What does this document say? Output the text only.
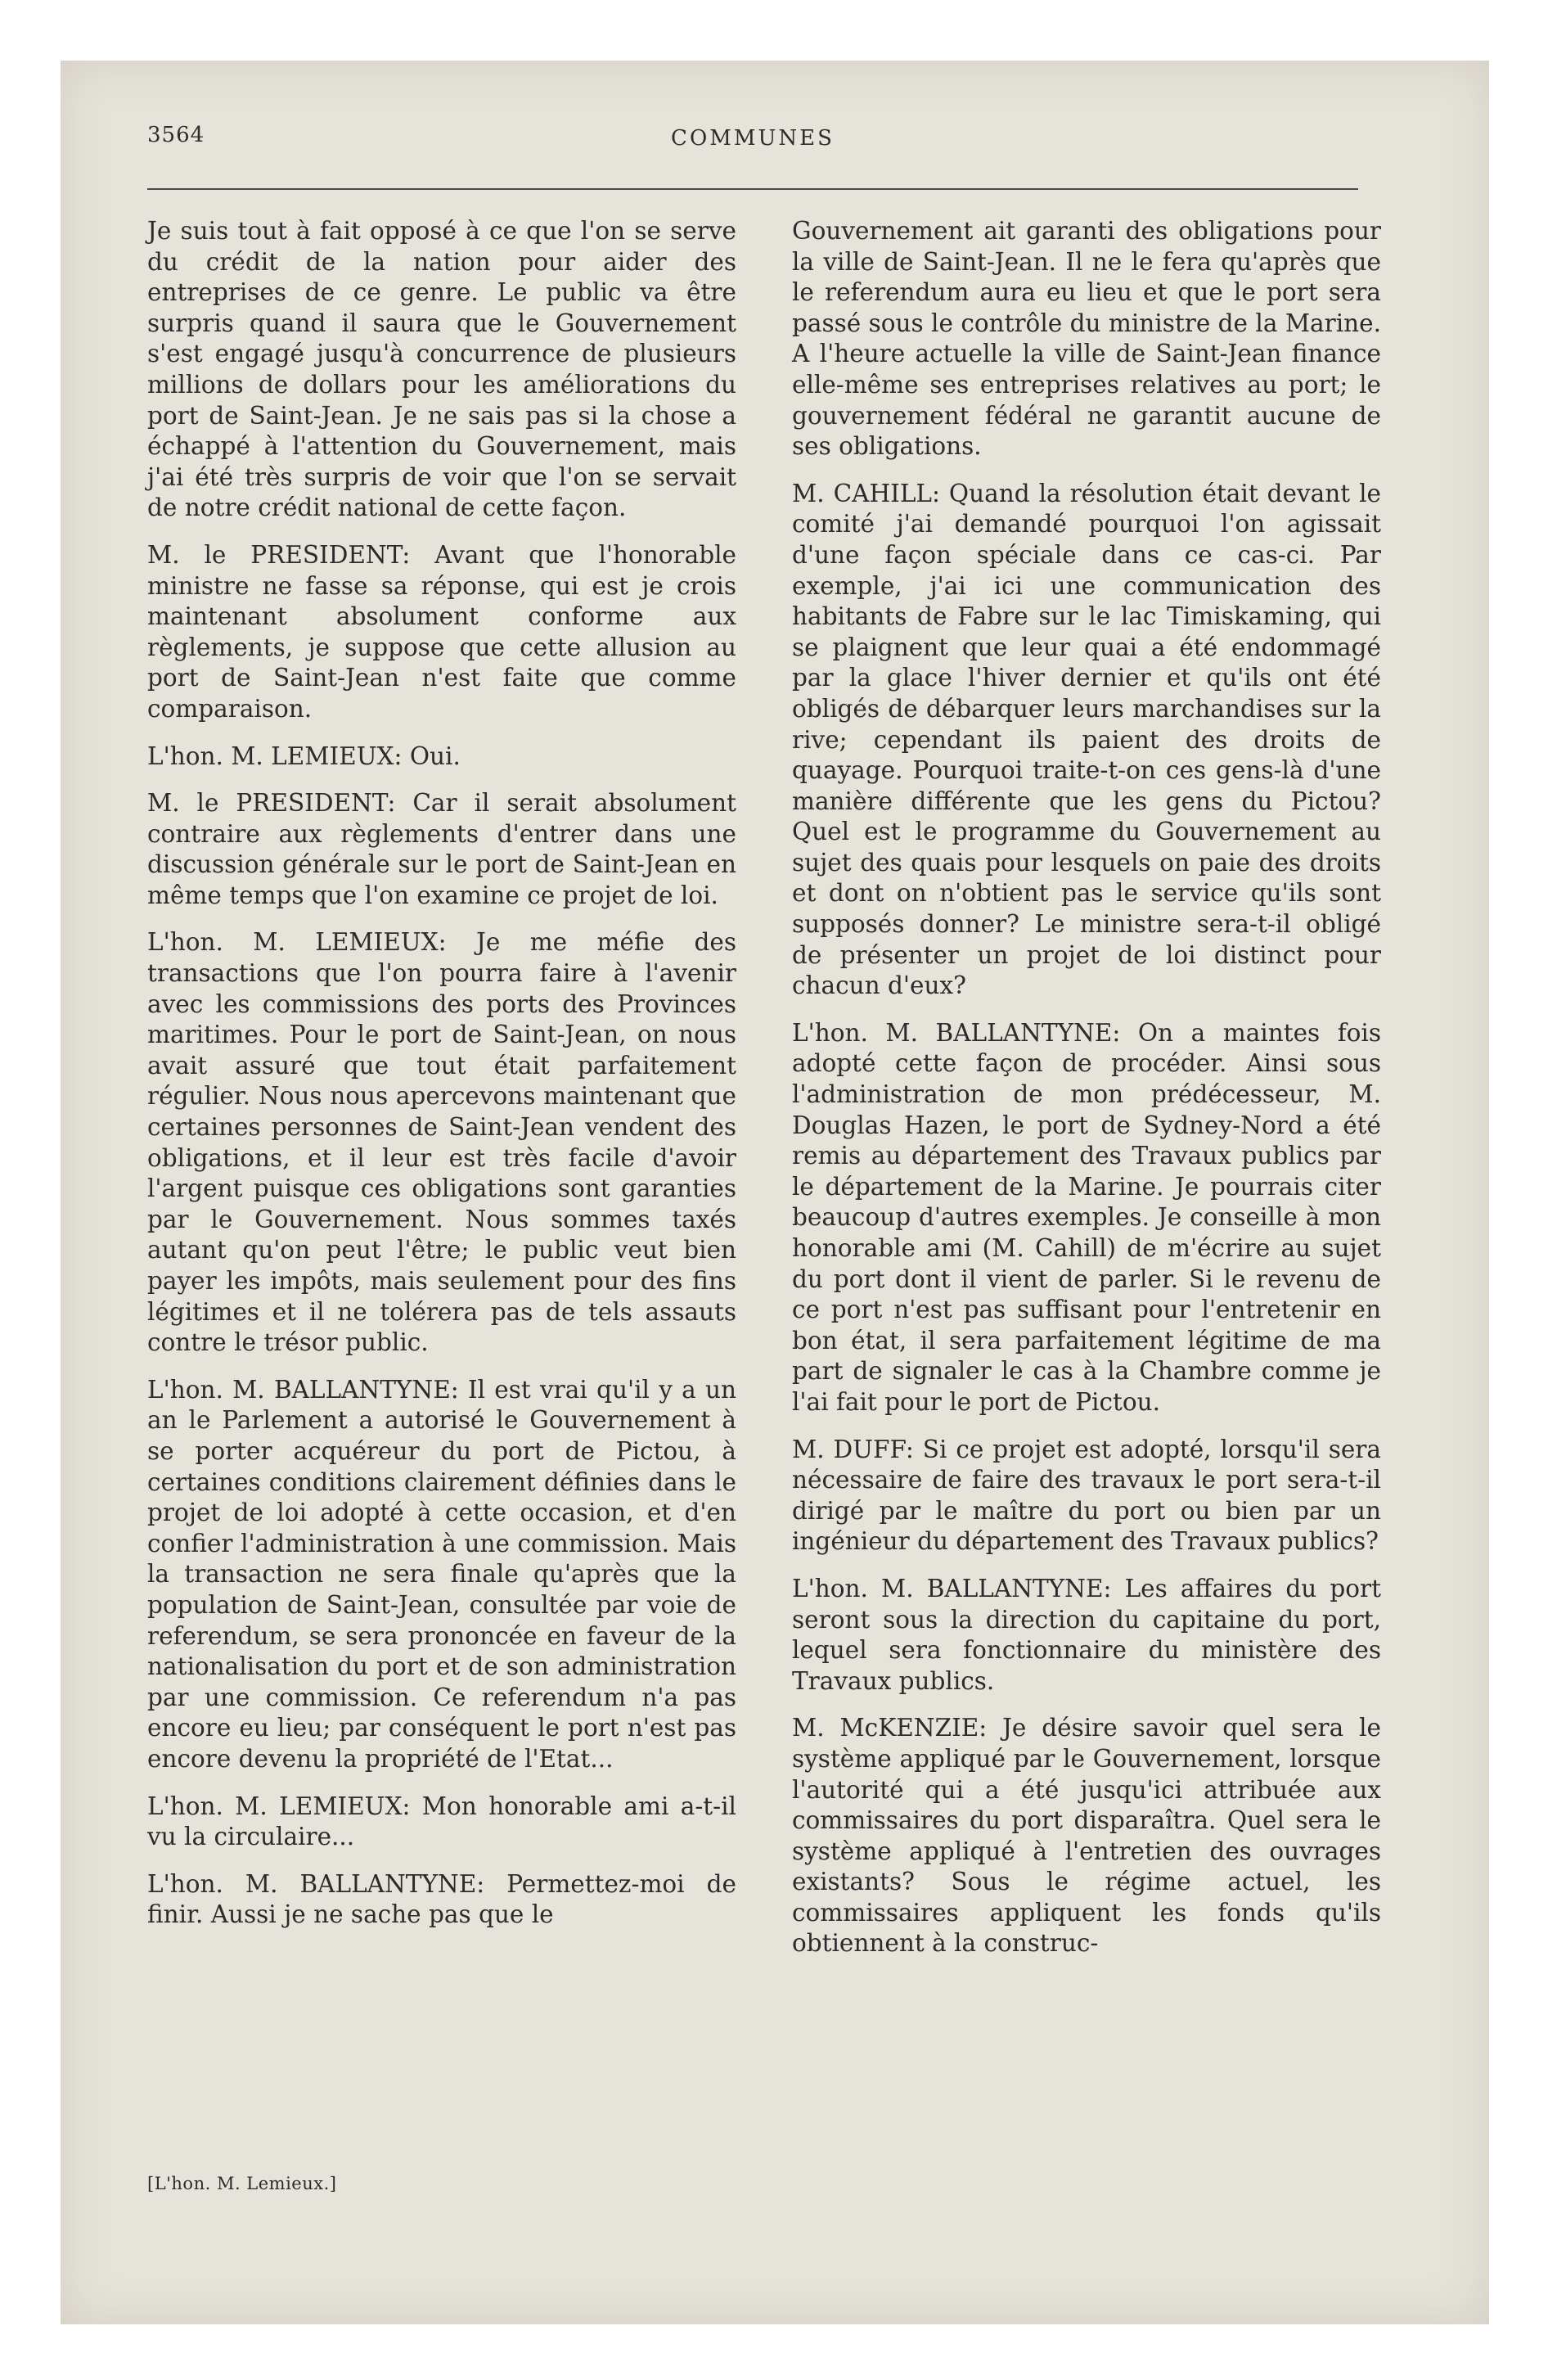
3564	COMMUNES

Je suis tout à fait opposé à ce que l'on se serve du crédit de la nation pour aider des entreprises de ce genre. Le public va être surpris quand il saura que le Gouvernement s'est engagé jusqu'à concurrence de plusieurs millions de dollars pour les améliorations du port de Saint-Jean. Je ne sais pas si la chose a échappé à l'attention du Gouvernement, mais j'ai été très surpris de voir que l'on se servait de notre crédit national de cette façon.

M. le PRESIDENT: Avant que l'honorable ministre ne fasse sa réponse, qui est je crois maintenant absolument conforme aux règlements, je suppose que cette allusion au port de Saint-Jean n'est faite que comme comparaison.

L'hon. M. LEMIEUX: Oui.

M. le PRESIDENT: Car il serait absolument contraire aux règlements d'entrer dans une discussion générale sur le port de Saint-Jean en même temps que l'on examine ce projet de loi.

L'hon. M. LEMIEUX: Je me méfie des transactions que l'on pourra faire à l'avenir avec les commissions des ports des Provinces maritimes. Pour le port de Saint-Jean, on nous avait assuré que tout était parfaitement régulier. Nous nous apercevons maintenant que certaines personnes de Saint-Jean vendent des obligations, et il leur est très facile d'avoir l'argent puisque ces obligations sont garanties par le Gouvernement. Nous sommes taxés autant qu'on peut l'être; le public veut bien payer les impôts, mais seulement pour des fins légitimes et il ne tolérera pas de tels assauts contre le trésor public.

L'hon. M. BALLANTYNE: Il est vrai qu'il y a un an le Parlement a autorisé le Gouvernement à se porter acquéreur du port de Pictou, à certaines conditions clairement définies dans le projet de loi adopté à cette occasion, et d'en confier l'administration à une commission. Mais la transaction ne sera finale qu'après que la population de Saint-Jean, consultée par voie de referendum, se sera prononcée en faveur de la nationalisation du port et de son administration par une commission. Ce referendum n'a pas encore eu lieu; par conséquent le port n'est pas encore devenu la propriété de l'Etat...

L'hon. M. LEMIEUX: Mon honorable ami a-t-il vu la circulaire...

L'hon. M. BALLANTYNE: Permettez-moi de finir. Aussi je ne sache pas que le

[L'hon. M. Lemieux.]

Gouvernement ait garanti des obligations pour la ville de Saint-Jean. Il ne le fera qu'après que le referendum aura eu lieu et que le port sera passé sous le contrôle du ministre de la Marine. A l'heure actuelle la ville de Saint-Jean finance elle-même ses entreprises relatives au port; le gouvernement fédéral ne garantit aucune de ses obligations.

M. CAHILL: Quand la résolution était devant le comité j'ai demandé pourquoi l'on agissait d'une façon spéciale dans ce cas-ci. Par exemple, j'ai ici une communication des habitants de Fabre sur le lac Timiskaming, qui se plaignent que leur quai a été endommagé par la glace l'hiver dernier et qu'ils ont été obligés de débarquer leurs marchandises sur la rive; cependant ils paient des droits de quayage. Pourquoi traite-t-on ces gens-là d'une manière différente que les gens du Pictou? Quel est le programme du Gouvernement au sujet des quais pour lesquels on paie des droits et dont on n'obtient pas le service qu'ils sont supposés donner? Le ministre sera-t-il obligé de présenter un projet de loi distinct pour chacun d'eux?

L'hon. M. BALLANTYNE: On a maintes fois adopté cette façon de procéder. Ainsi sous l'administration de mon prédécesseur, M. Douglas Hazen, le port de Sydney-Nord a été remis au département des Travaux publics par le département de la Marine. Je pourrais citer beaucoup d'autres exemples. Je conseille à mon honorable ami (M. Cahill) de m'écrire au sujet du port dont il vient de parler. Si le revenu de ce port n'est pas suffisant pour l'entretenir en bon état, il sera parfaitement légitime de ma part de signaler le cas à la Chambre comme je l'ai fait pour le port de Pictou.

M. DUFF: Si ce projet est adopté, lorsqu'il sera nécessaire de faire des travaux le port sera-t-il dirigé par le maître du port ou bien par un ingénieur du département des Travaux publics?

L'hon. M. BALLANTYNE: Les affaires du port seront sous la direction du capitaine du port, lequel sera fonctionnaire du ministère des Travaux publics.

M. McKENZIE: Je désire savoir quel sera le système appliqué par le Gouvernement, lorsque l'autorité qui a été jusqu'ici attribuée aux commissaires du port disparaîtra. Quel sera le système appliqué à l'entretien des ouvrages existants? Sous le régime actuel, les commissaires appliquent les fonds qu'ils obtiennent à la construc-
